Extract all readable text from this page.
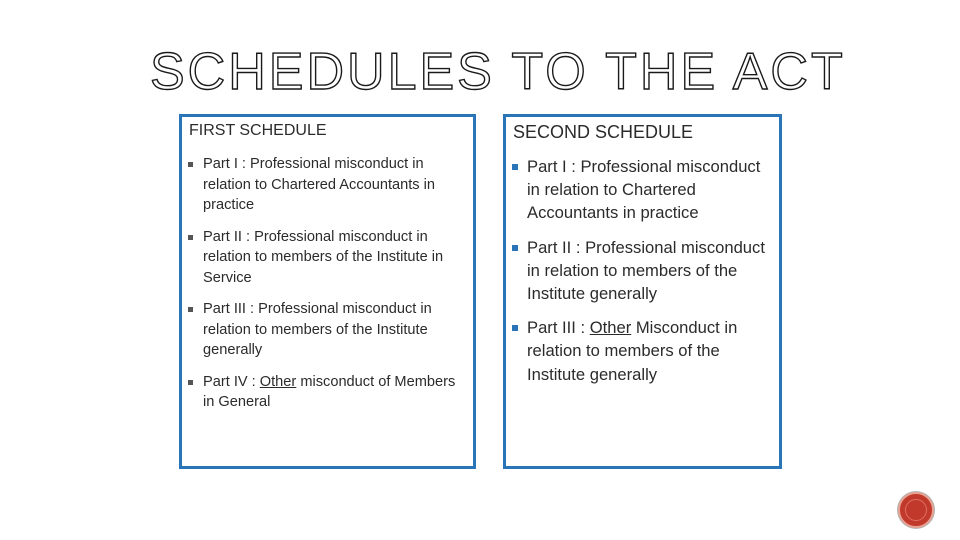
SCHEDULES TO THE ACT
FIRST SCHEDULE
Part I : Professional misconduct in relation to Chartered Accountants in practice
Part II : Professional misconduct in relation to members of the Institute in Service
Part III : Professional misconduct in relation to members of the Institute generally
Part IV : Other misconduct of Members in General
SECOND SCHEDULE
Part I : Professional misconduct in relation to Chartered Accountants in practice
Part II : Professional misconduct in relation to members of the Institute generally
Part III : Other Misconduct in relation to members of the Institute generally
